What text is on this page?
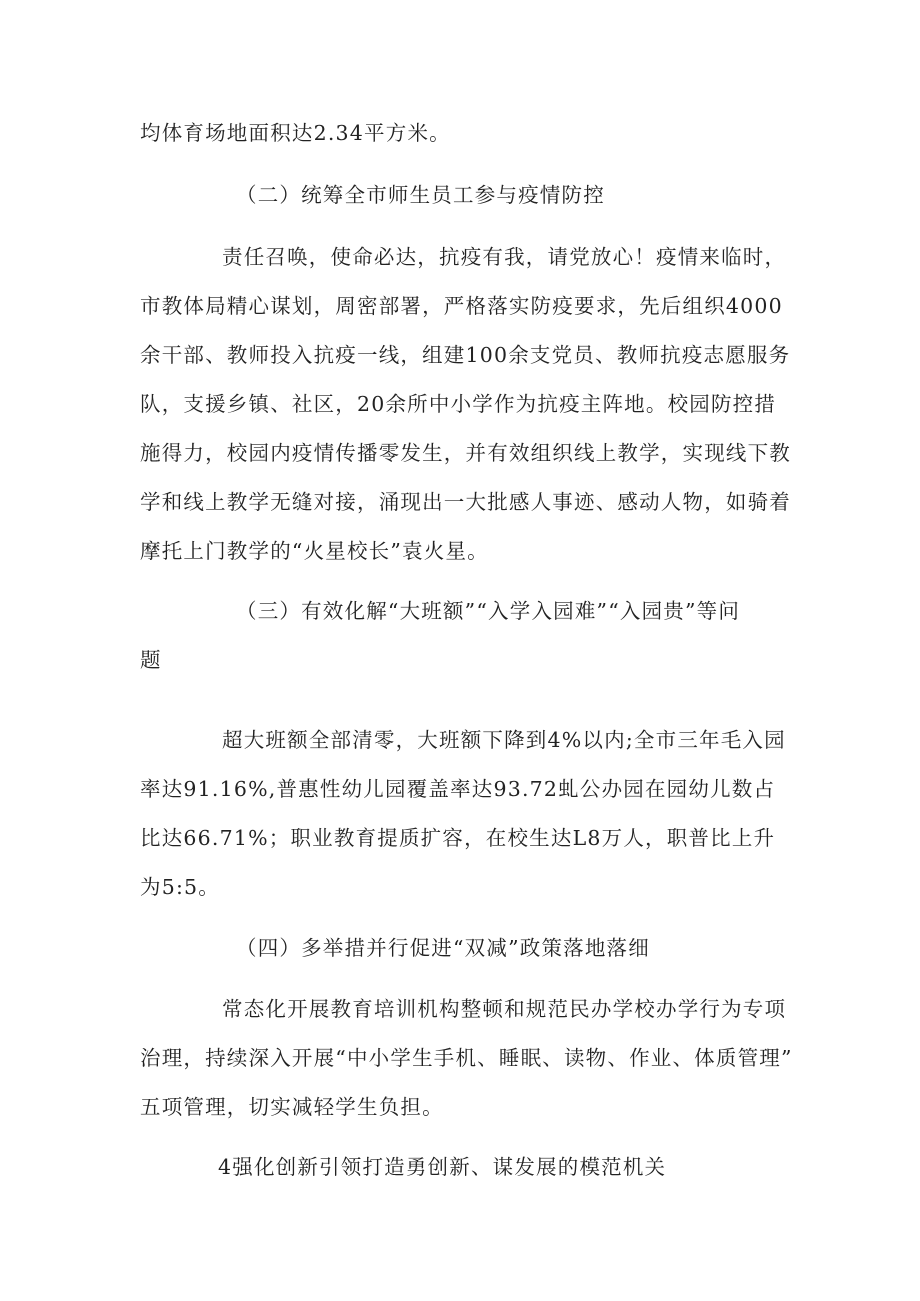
均体育场地面积达2.34平方米。
（二）统筹全市师生员工参与疫情防控
责任召唤，使命必达，抗疫有我，请党放心！疫情来临时，
市教体局精心谋划，周密部署，严格落实防疫要求，先后组织4000
余干部、教师投入抗疫一线，组建100余支党员、教师抗疫志愿服务
队，支援乡镇、社区，20余所中小学作为抗疫主阵地。校园防控措
施得力，校园内疫情传播零发生，并有效组织线上教学，实现线下教
学和线上教学无缝对接，涌现出一大批感人事迹、感动人物，如骑着
摩托上门教学的“火星校长”袁火星。
（三）有效化解“大班额”“入学入园难”“入园贵”等问
题
超大班额全部清零，大班额下降到4%以内;全市三年毛入园
率达91.16%,普惠性幼儿园覆盖率达93.72虬公办园在园幼儿数占
比达66.71%；职业教育提质扩容，在校生达L8万人，职普比上升
为5:5。
（四）多举措并行促进“双减”政策落地落细
常态化开展教育培训机构整顿和规范民办学校办学行为专项
治理，持续深入开展“中小学生手机、睡眠、读物、作业、体质管理”
五项管理，切实减轻学生负担。
4强化创新引领打造勇创新、谋发展的模范机关
